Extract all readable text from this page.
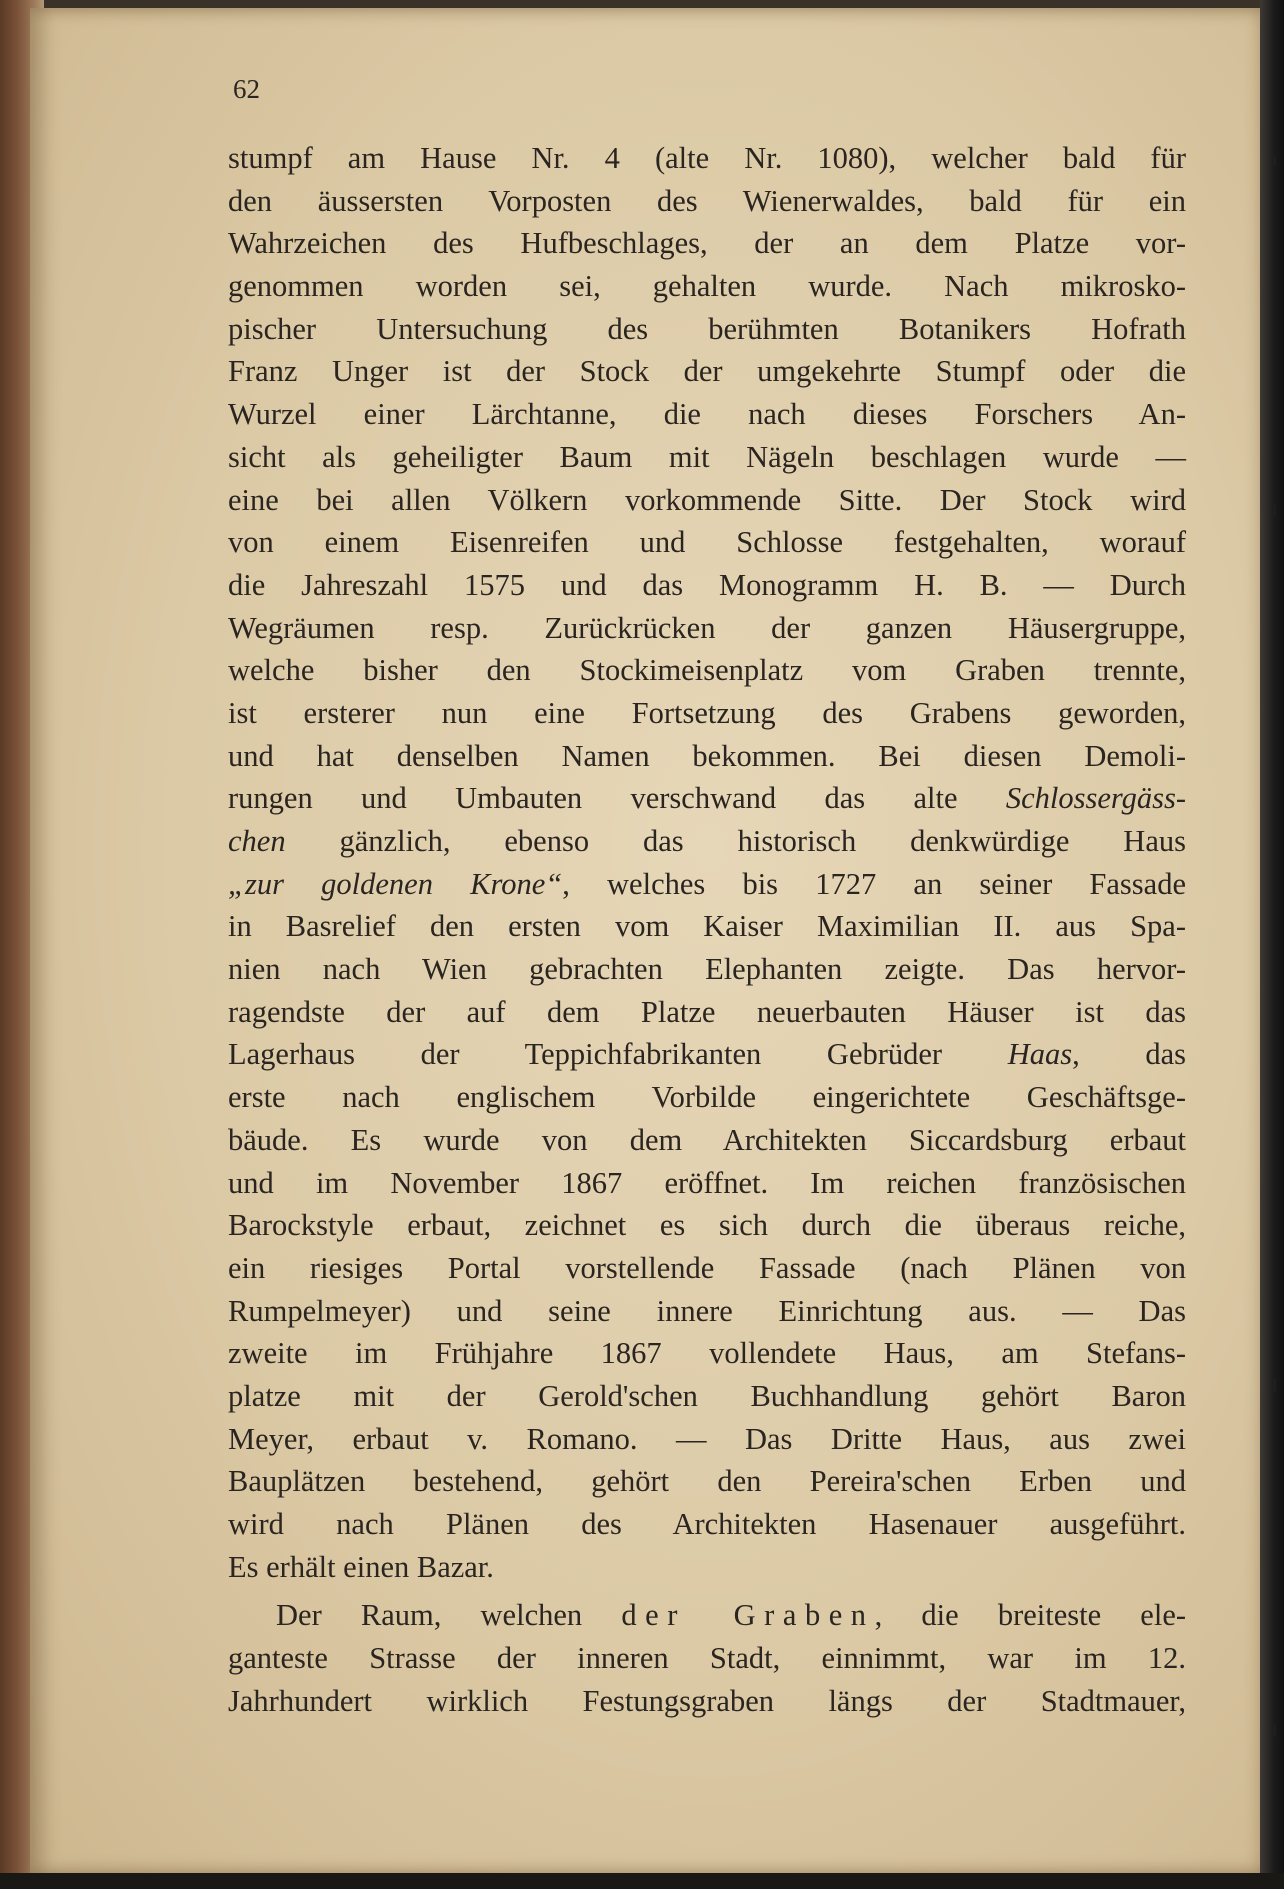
62
stumpf am Hause Nr. 4 (alte Nr. 1080), welcher bald für
den äussersten Vorposten des Wienerwaldes, bald für ein
Wahrzeichen des Hufbeschlages, der an dem Platze vor-
genommen worden sei, gehalten wurde. Nach mikrosko-
pischer Untersuchung des berühmten Botanikers Hofrath
Franz Unger ist der Stock der umgekehrte Stumpf oder die
Wurzel einer Lärchtanne, die nach dieses Forschers An-
sicht als geheiligter Baum mit Nägeln beschlagen wurde —
eine bei allen Völkern vorkommende Sitte. Der Stock wird
von einem Eisenreifen und Schlosse festgehalten, worauf
die Jahreszahl 1575 und das Monogramm H. B. — Durch
Wegräumen resp. Zurückrücken der ganzen Häusergruppe,
welche bisher den Stockimeisenplatz vom Graben trennte,
ist ersterer nun eine Fortsetzung des Grabens geworden,
und hat denselben Namen bekommen. Bei diesen Demoli-
rungen und Umbauten verschwand das alte Schlossergäss-
chen gänzlich, ebenso das historisch denkwürdige Haus
„zur goldenen Krone“, welches bis 1727 an seiner Fassade
in Basrelief den ersten vom Kaiser Maximilian II. aus Spa-
nien nach Wien gebrachten Elephanten zeigte. Das hervor-
ragendste der auf dem Platze neuerbauten Häuser ist das
Lagerhaus der Teppichfabrikanten Gebrüder Haas, das
erste nach englischem Vorbilde eingerichtete Geschäftsge-
bäude. Es wurde von dem Architekten Siccardsburg erbaut
und im November 1867 eröffnet. Im reichen französischen
Barockstyle erbaut, zeichnet es sich durch die überaus reiche,
ein riesiges Portal vorstellende Fassade (nach Plänen von
Rumpelmeyer) und seine innere Einrichtung aus. — Das
zweite im Frühjahre 1867 vollendete Haus, am Stefans-
platze mit der Gerold'schen Buchhandlung gehört Baron
Meyer, erbaut v. Romano. — Das Dritte Haus, aus zwei
Bauplätzen bestehend, gehört den Pereira'schen Erben und
wird nach Plänen des Architekten Hasenauer ausgeführt.
Es erhält einen Bazar.
Der Raum, welchen der Graben, die breiteste ele-
ganteste Strasse der inneren Stadt, einnimmt, war im 12.
Jahrhundert wirklich Festungsgraben längs der Stadtmauer,
